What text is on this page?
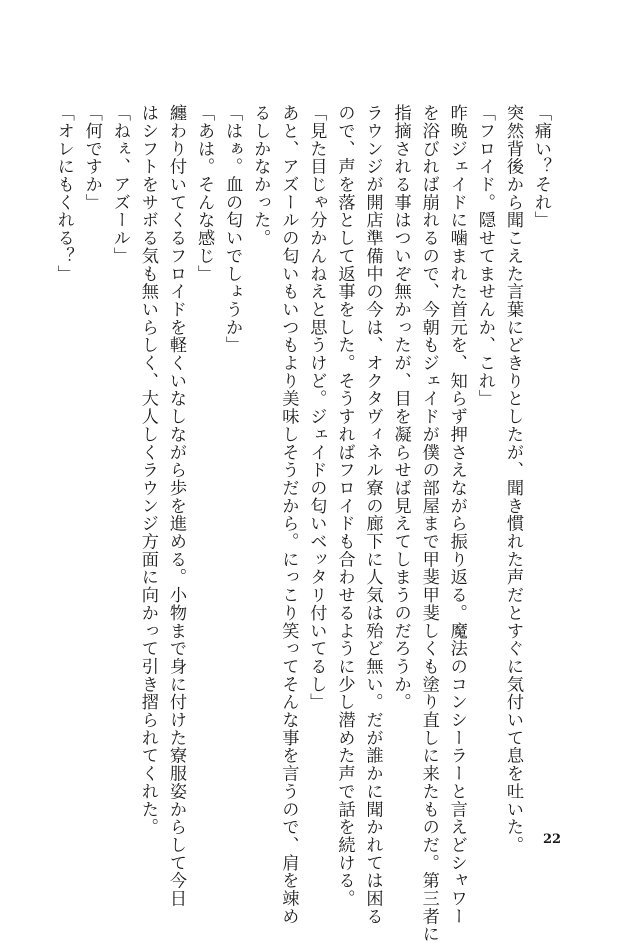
「痛い？それ」
突然背後から聞こえた言葉にどきりとしたが、聞き慣れた声だとすぐに気付いて息を吐いた。
「フロイド。隠せてませんか、これ」
昨晩ジェイドに噛まれた首元を、知らず押さえながら振り返る。魔法のコンシーラーと言えどシャワー
を浴びれば崩れるので、今朝もジェイドが僕の部屋まで甲斐甲斐しくも塗り直しに来たものだ。第三者に
指摘される事はついぞ無かったが、目を凝らせば見えてしまうのだろうか。
ラウンジが開店準備中の今は、オクタヴィネル寮の廊下に人気は殆ど無い。だが誰かに聞かれては困る
ので、声を落として返事をした。そうすればフロイドも合わせるように少し潜めた声で話を続ける。
「見た目じゃ分かんねえと思うけど。ジェイドの匂いベッタリ付いてるし」
あと、アズールの匂いもいつもより美味しそうだから。にっこり笑ってそんな事を言うので、肩を竦め
るしかなかった。
「はぁ。血の匂いでしょうか」
「あは。そんな感じ」
纏わり付いてくるフロイドを軽くいなしながら歩を進める。小物まで身に付けた寮服姿からして今日
はシフトをサボる気も無いらしく、大人しくラウンジ方面に向かって引き摺られてくれた。
「ねぇ、アズール」
「何ですか」
「オレにもくれる？」
22
